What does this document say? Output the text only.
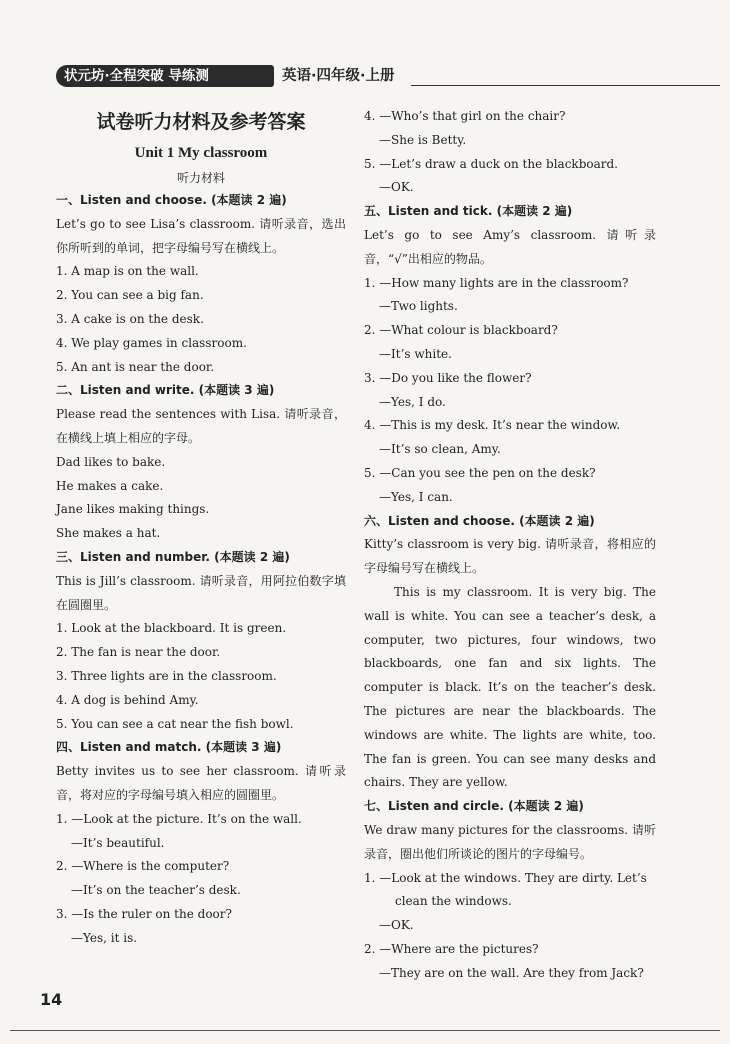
状元坊·全程突破 导练测	英语·四年级·上册
试卷听力材料及参考答案
Unit 1 My classroom
听力材料
一、Listen and choose. (本题读 2 遍)
Let’s go to see Lisa’s classroom. 请听录音，选出你所听到的单词，把字母编号写在横线上。
1. A map is on the wall.
2. You can see a big fan.
3. A cake is on the desk.
4. We play games in classroom.
5. An ant is near the door.
二、Listen and write. (本题读 3 遍)
Please read the sentences with Lisa. 请听录音，在横线上填上相应的字母。
Dad likes to bake.
He makes a cake.
Jane likes making things.
She makes a hat.
三、Listen and number. (本题读 2 遍)
This is Jill’s classroom. 请听录音，用阿拉伯数字填在圆圈里。
1. Look at the blackboard. It is green.
2. The fan is near the door.
3. Three lights are in the classroom.
4. A dog is behind Amy.
5. You can see a cat near the fish bowl.
四、Listen and match. (本题读 3 遍)
Betty invites us to see her classroom. 请听录音，将对应的字母编号填入相应的圆圈里。
1. —Look at the picture. It’s on the wall.
—It’s beautiful.
2. —Where is the computer?
—It’s on the teacher’s desk.
3. —Is the ruler on the door?
—Yes, it is.
4. —Who’s that girl on the chair?
—She is Betty.
5. —Let’s draw a duck on the blackboard.
—OK.
五、Listen and tick. (本题读 2 遍)
Let’s go to see Amy’s classroom. 请听录音，“√”出相应的物品。
1. —How many lights are in the classroom?
—Two lights.
2. —What colour is blackboard?
—It’s white.
3. —Do you like the flower?
—Yes, I do.
4. —This is my desk. It’s near the window.
—It’s so clean, Amy.
5. —Can you see the pen on the desk?
—Yes, I can.
六、Listen and choose. (本题读 2 遍)
Kitty’s classroom is very big. 请听录音，将相应的字母编号写在横线上。
This is my classroom. It is very big. The wall is white. You can see a teacher’s desk, a computer, two pictures, four windows, two blackboards, one fan and six lights. The computer is black. It’s on the teacher’s desk. The pictures are near the blackboards. The windows are white. The lights are white, too. The fan is green. You can see many desks and chairs. They are yellow.
七、Listen and circle. (本题读 2 遍)
We draw many pictures for the classrooms. 请听录音，圈出他们所谈论的图片的字母编号。
1. —Look at the windows. They are dirty. Let’s
clean the windows.
—OK.
2. —Where are the pictures?
—They are on the wall. Are they from Jack?
14
